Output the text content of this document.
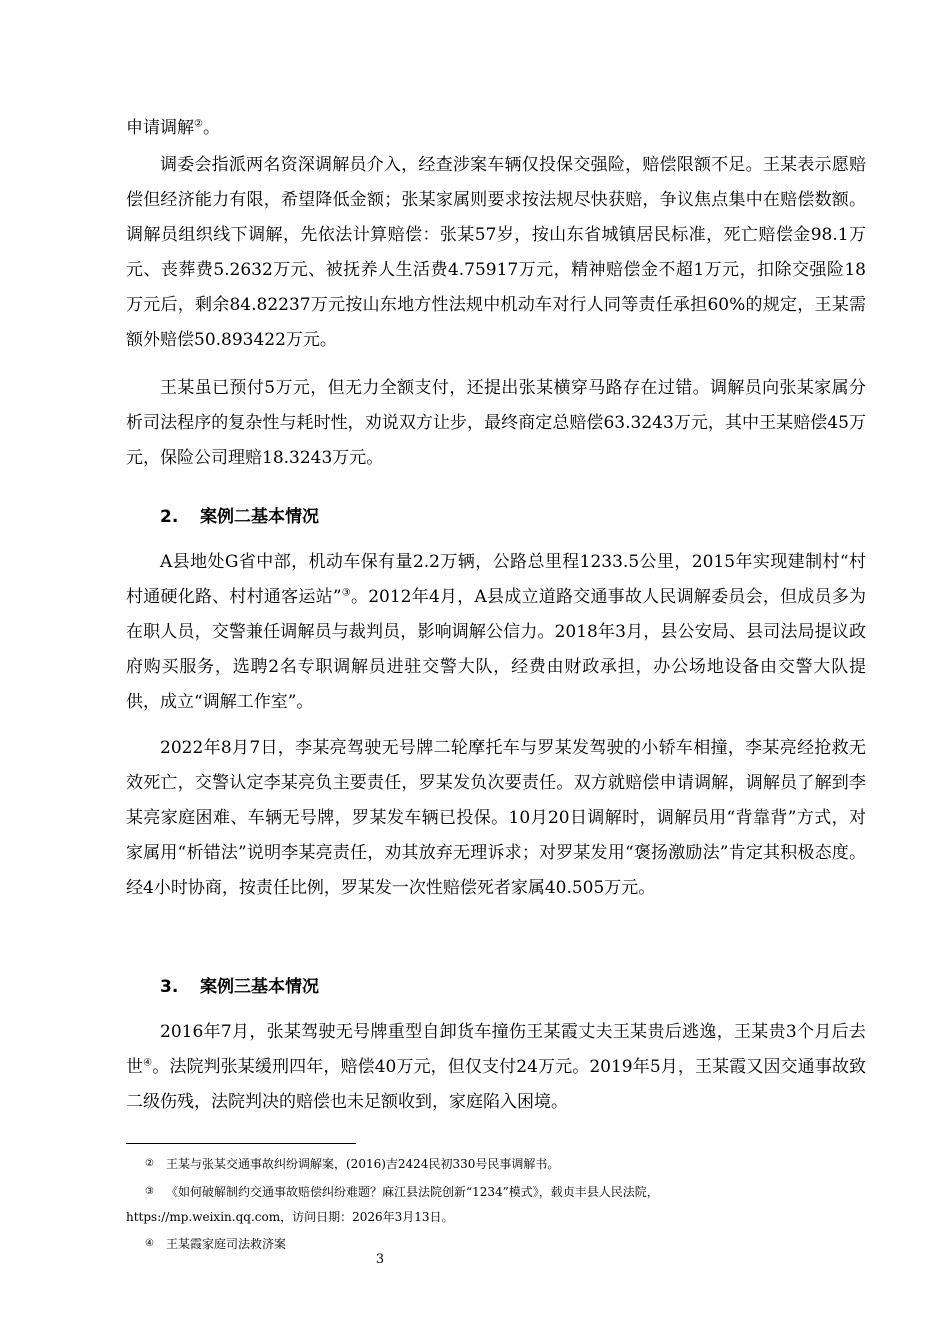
申请调解②。

调委会指派两名资深调解员介入，经查涉案车辆仅投保交强险，赔偿限额不足。王某表示愿赔偿但经济能力有限，希望降低金额；张某家属则要求按法规尽快获赔，争议焦点集中在赔偿数额。调解员组织线下调解，先依法计算赔偿：张某57岁，按山东省城镇居民标准，死亡赔偿金98.1万元、丧葬费5.2632万元、被抚养人生活费4.75917万元，精神赔偿金不超1万元，扣除交强险18万元后，剩余84.82237万元按山东地方性法规中机动车对行人同等责任承担60%的规定，王某需额外赔偿50.893422万元。

王某虽已预付5万元，但无力全额支付，还提出张某横穿马路存在过错。调解员向张某家属分析司法程序的复杂性与耗时性，劝说双方让步，最终商定总赔偿63.3243万元，其中王某赔偿45万元，保险公司理赔18.3243万元。

2. 案例二基本情况

A县地处G省中部，机动车保有量2.2万辆，公路总里程1233.5公里，2015年实现建制村“村村通硬化路、村村通客运站”③。2012年4月，A县成立道路交通事故人民调解委员会，但成员多为在职人员，交警兼任调解员与裁判员，影响调解公信力。2018年3月，县公安局、县司法局提议政府购买服务，选聘2名专职调解员进驻交警大队，经费由财政承担，办公场地设备由交警大队提供，成立“调解工作室”。

2022年8月7日，李某亮驾驶无号牌二轮摩托车与罗某发驾驶的小轿车相撞，李某亮经抢救无效死亡，交警认定李某亮负主要责任，罗某发负次要责任。双方就赔偿申请调解，调解员了解到李某亮家庭困难、车辆无号牌，罗某发车辆已投保。10月20日调解时，调解员用“背靠背”方式，对家属用“析错法”说明李某亮责任，劝其放弃无理诉求；对罗某发用“褒扬激励法”肯定其积极态度。经4小时协商，按责任比例，罗某发一次性赔偿死者家属40.505万元。

3. 案例三基本情况

2016年7月，张某驾驶无号牌重型自卸货车撞伤王某霞丈夫王某贵后逃逸，王某贵3个月后去世④。法院判张某缓刑四年，赔偿40万元，但仅支付24万元。2019年5月，王某霞又因交通事故致二级伤残，法院判决的赔偿也未足额收到，家庭陷入困境。

② 王某与张某交通事故纠纷调解案，(2016)吉2424民初330号民事调解书。
③ 《如何破解制约交通事故赔偿纠纷难题？麻江县法院创新“1234”模式》，载贞丰县人民法院，
https://mp.weixin.qq.com，访问日期：2026年3月13日。
④ 王某霞家庭司法救济案
3
